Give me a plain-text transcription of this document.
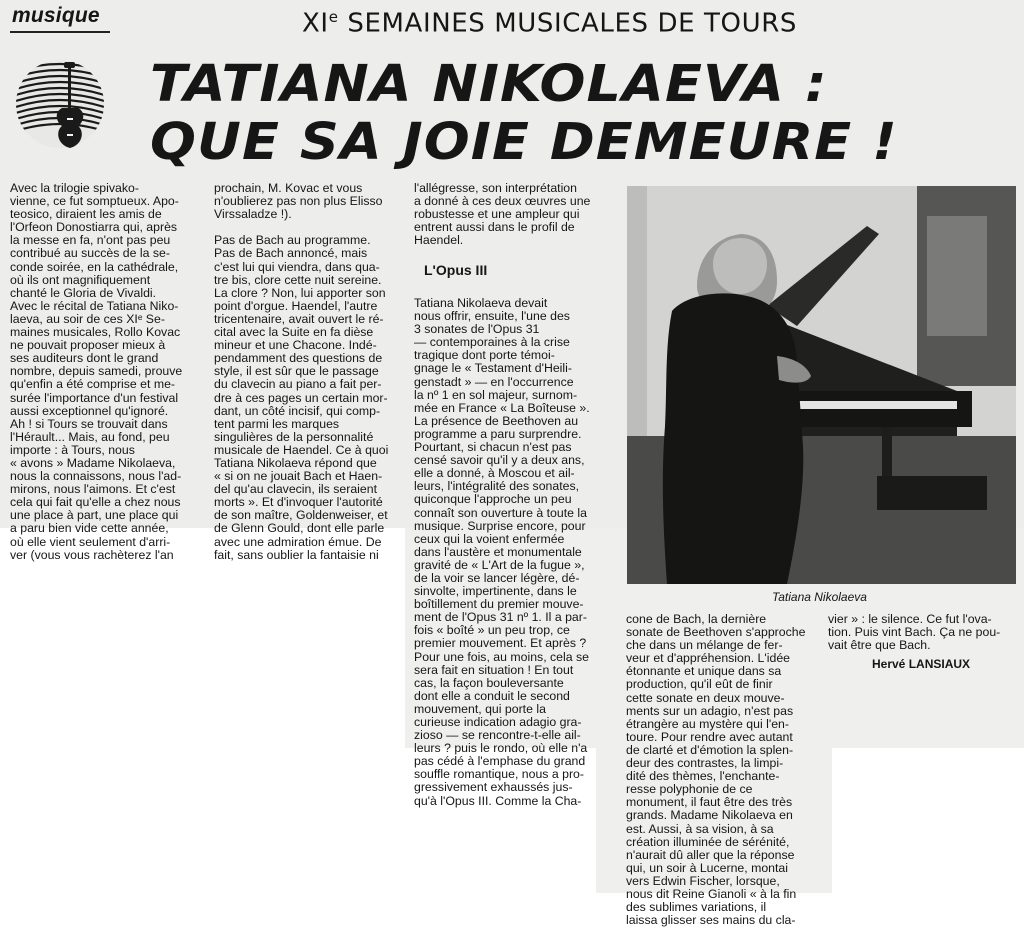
musique	XIe SEMAINES MUSICALES DE TOURS
TATIANA NIKOLAEVA :
QUE SA JOIE DEMEURE !

Avec la trilogie spivako-
vienne, ce fut somptueux. Apo-
teosico, diraient les amis de
l'Orfeon Donostiarra qui, après
la messe en fa, n'ont pas peu
contribué au succès de la se-
conde soirée, en la cathédrale,
où ils ont magnifiquement
chanté le Gloria de Vivaldi.
Avec le récital de Tatiana Niko-
laeva, au soir de ces XIᵉ Se-
maines musicales, Rollo Kovac
ne pouvait proposer mieux à
ses auditeurs dont le grand
nombre, depuis samedi, prouve
qu'enfin a été comprise et me-
surée l'importance d'un festival
aussi exceptionnel qu'ignoré.
Ah ! si Tours se trouvait dans
l'Hérault... Mais, au fond, peu
importe : à Tours, nous
« avons » Madame Nikolaeva,
nous la connaissons, nous l'ad-
mirons, nous l'aimons. Et c'est
cela qui fait qu'elle a chez nous
une place à part, une place qui
a paru bien vide cette année,
où elle vient seulement d'arri-
ver (vous vous rachèterez l'an

prochain, M. Kovac et vous
n'oublierez pas non plus Elisso
Virssaladze !).

Pas de Bach au programme.
Pas de Bach annoncé, mais
c'est lui qui viendra, dans qua-
tre bis, clore cette nuit sereine.
La clore ? Non, lui apporter son
point d'orgue. Haendel, l'autre
tricentenaire, avait ouvert le ré-
cital avec la Suite en fa dièse
mineur et une Chacone. Indé-
pendamment des questions de
style, il est sûr que le passage
du clavecin au piano a fait per-
dre à ces pages un certain mor-
dant, un côté incisif, qui comp-
tent parmi les marques
singulières de la personnalité
musicale de Haendel. Ce à quoi
Tatiana Nikolaeva répond que
« si on ne jouait Bach et Haen-
del qu'au clavecin, ils seraient
morts ». Et d'invoquer l'autorité
de son maître, Goldenweiser, et
de Glenn Gould, dont elle parle
avec une admiration émue. De
fait, sans oublier la fantaisie ni

l'allégresse, son interprétation
a donné à ces deux œuvres une
robustesse et une ampleur qui
entrent aussi dans le profil de
Haendel.

L'Opus III

Tatiana Nikolaeva devait
nous offrir, ensuite, l'une des
3 sonates de l'Opus 31
— contemporaines à la crise
tragique dont porte témoi-
gnage le « Testament d'Heili-
genstadt » — en l'occurrence
la nº 1 en sol majeur, surnom-
mée en France « La Boîteuse ».
La présence de Beethoven au
programme a paru surprendre.
Pourtant, si chacun n'est pas
censé savoir qu'il y a deux ans,
elle a donné, à Moscou et ail-
leurs, l'intégralité des sonates,
quiconque l'approche un peu
connaît son ouverture à toute la
musique. Surprise encore, pour
ceux qui la voient enfermée
dans l'austère et monumentale
gravité de « L'Art de la fugue »,
de la voir se lancer légère, dé-
sinvolte, impertinente, dans le
boîtillement du premier mouve-
ment de l'Opus 31 nº 1. Il a par-
fois « boîté » un peu trop, ce
premier mouvement. Et après ?
Pour une fois, au moins, cela se
sera fait en situation ! En tout
cas, la façon bouleversante
dont elle a conduit le second
mouvement, qui porte la
curieuse indication adagio gra-
zioso — se rencontre-t-elle ail-
leurs ? puis le rondo, où elle n'a
pas cédé à l'emphase du grand
souffle romantique, nous a pro-
gressivement exhaussés jus-
qu'à l'Opus III. Comme la Cha-

Tatiana Nikolaeva

cone de Bach, la dernière
sonate de Beethoven s'approche
che dans un mélange de fer-
veur et d'appréhension. L'idée
étonnante et unique dans sa
production, qu'il eût de finir
cette sonate en deux mouve-
ments sur un adagio, n'est pas
étrangère au mystère qui l'en-
toure. Pour rendre avec autant
de clarté et d'émotion la splen-
deur des contrastes, la limpi-
dité des thèmes, l'enchante-
resse polyphonie de ce
monument, il faut être des très
grands. Madame Nikolaeva en
est. Aussi, à sa vision, à sa
création illuminée de sérénité,
n'aurait dû aller que la réponse
qui, un soir à Lucerne, montai
vers Edwin Fischer, lorsque,
nous dit Reine Gianoli « à la fin
des sublimes variations, il
laissa glisser ses mains du cla-

vier » : le silence. Ce fut l'ova-
tion. Puis vint Bach. Ça ne pou-
vait être que Bach.

Hervé LANSIAUX
